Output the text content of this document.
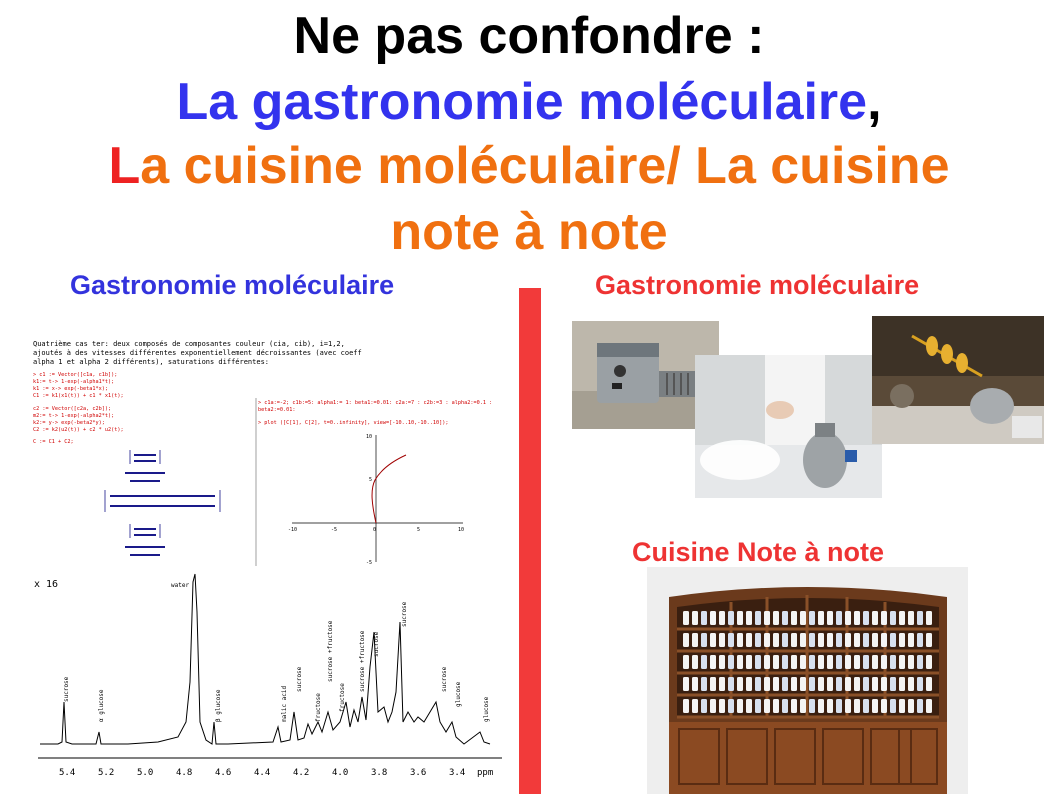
Ne pas confondre :
La gastronomie moléculaire,
La cuisine moléculaire/ La cuisine
note à note
Gastronomie moléculaire	Gastronomie moléculaire
Cuisine Note à note
Quatrième cas ter: deux composés de composantes couleur (cia, cib), i=1,2,
ajoutés à des vitesses différentes exponentiellement décroissantes (avec coeff
alpha 1 et alpha 2 différents), saturations différentes:
> c1 := Vector([c1a, c1b]);
k1:= t-> 1-exp(-alpha1*t);
k1 := x-> exp(-beta1*x);
C1 := k1(x1(t)) + c1 * x1(t);
c2 := Vector([c2a, c2b]);
m2:= t-> 1-exp(-alpha2*t);
k2:= y-> exp(-beta2*y);
C2 := k2(u2(t)) + c2 * u2(t);
C := C1 + C2;
> c1a:=-2; c1b:=5: alpha1:= 1: beta1:=0.01: c2a:=7 : c2b:=3 : alpha2:=0.1 :
beta2:=0.01:
> plot ([C[1], C[2], t=0..infinity], view=[-10..10,-10..10]);
-10	-5	0	5	10
10
5
-5
x 16
sucrose
α glucose
water
β glucose	malic acid
sucrose
fructose
sucrose +fructose
fructose
sucrose +fructose sucrose
sucrose
sucrose
glucose
glucose
5.4	5.2	5.0	4.8	4.6	4.4	4.2	4.0	3.8	3.6	3.4 ppm
